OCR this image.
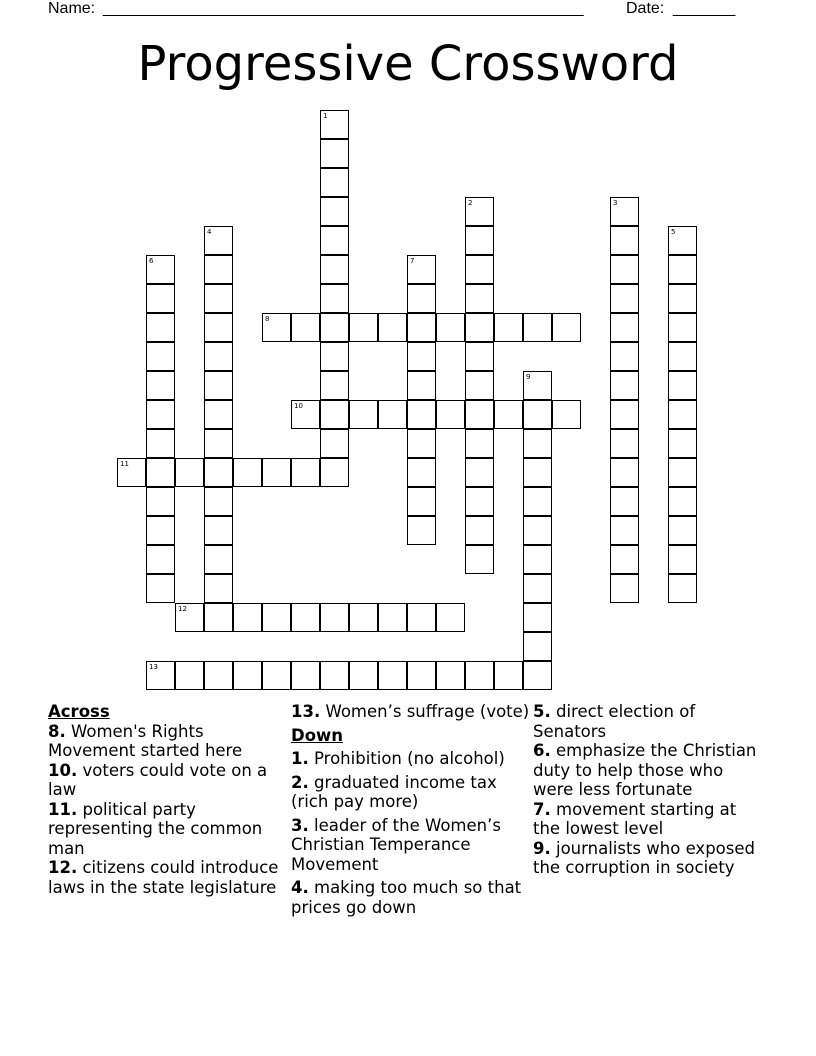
Name: ______________________________________________________	Date: _______
Progressive Crossword
1
2	3
4	5
6	7
8
9
10
11
12
13
Across

8. Women's Rights Movement started here

10. voters could vote on a law

11. political party representing the common man

12. citizens could introduce laws in the state legislature

13. Women’s suffrage (vote)

Down

1. Prohibition (no alcohol)

2. graduated income tax (rich pay more)

3. leader of the Women’s Christian Temperance Movement

4. making too much so that prices go down

5. direct election of Senators

6. emphasize the Christian duty to help those who were less fortunate

7. movement starting at the lowest level

9. journalists who exposed the corruption in society
